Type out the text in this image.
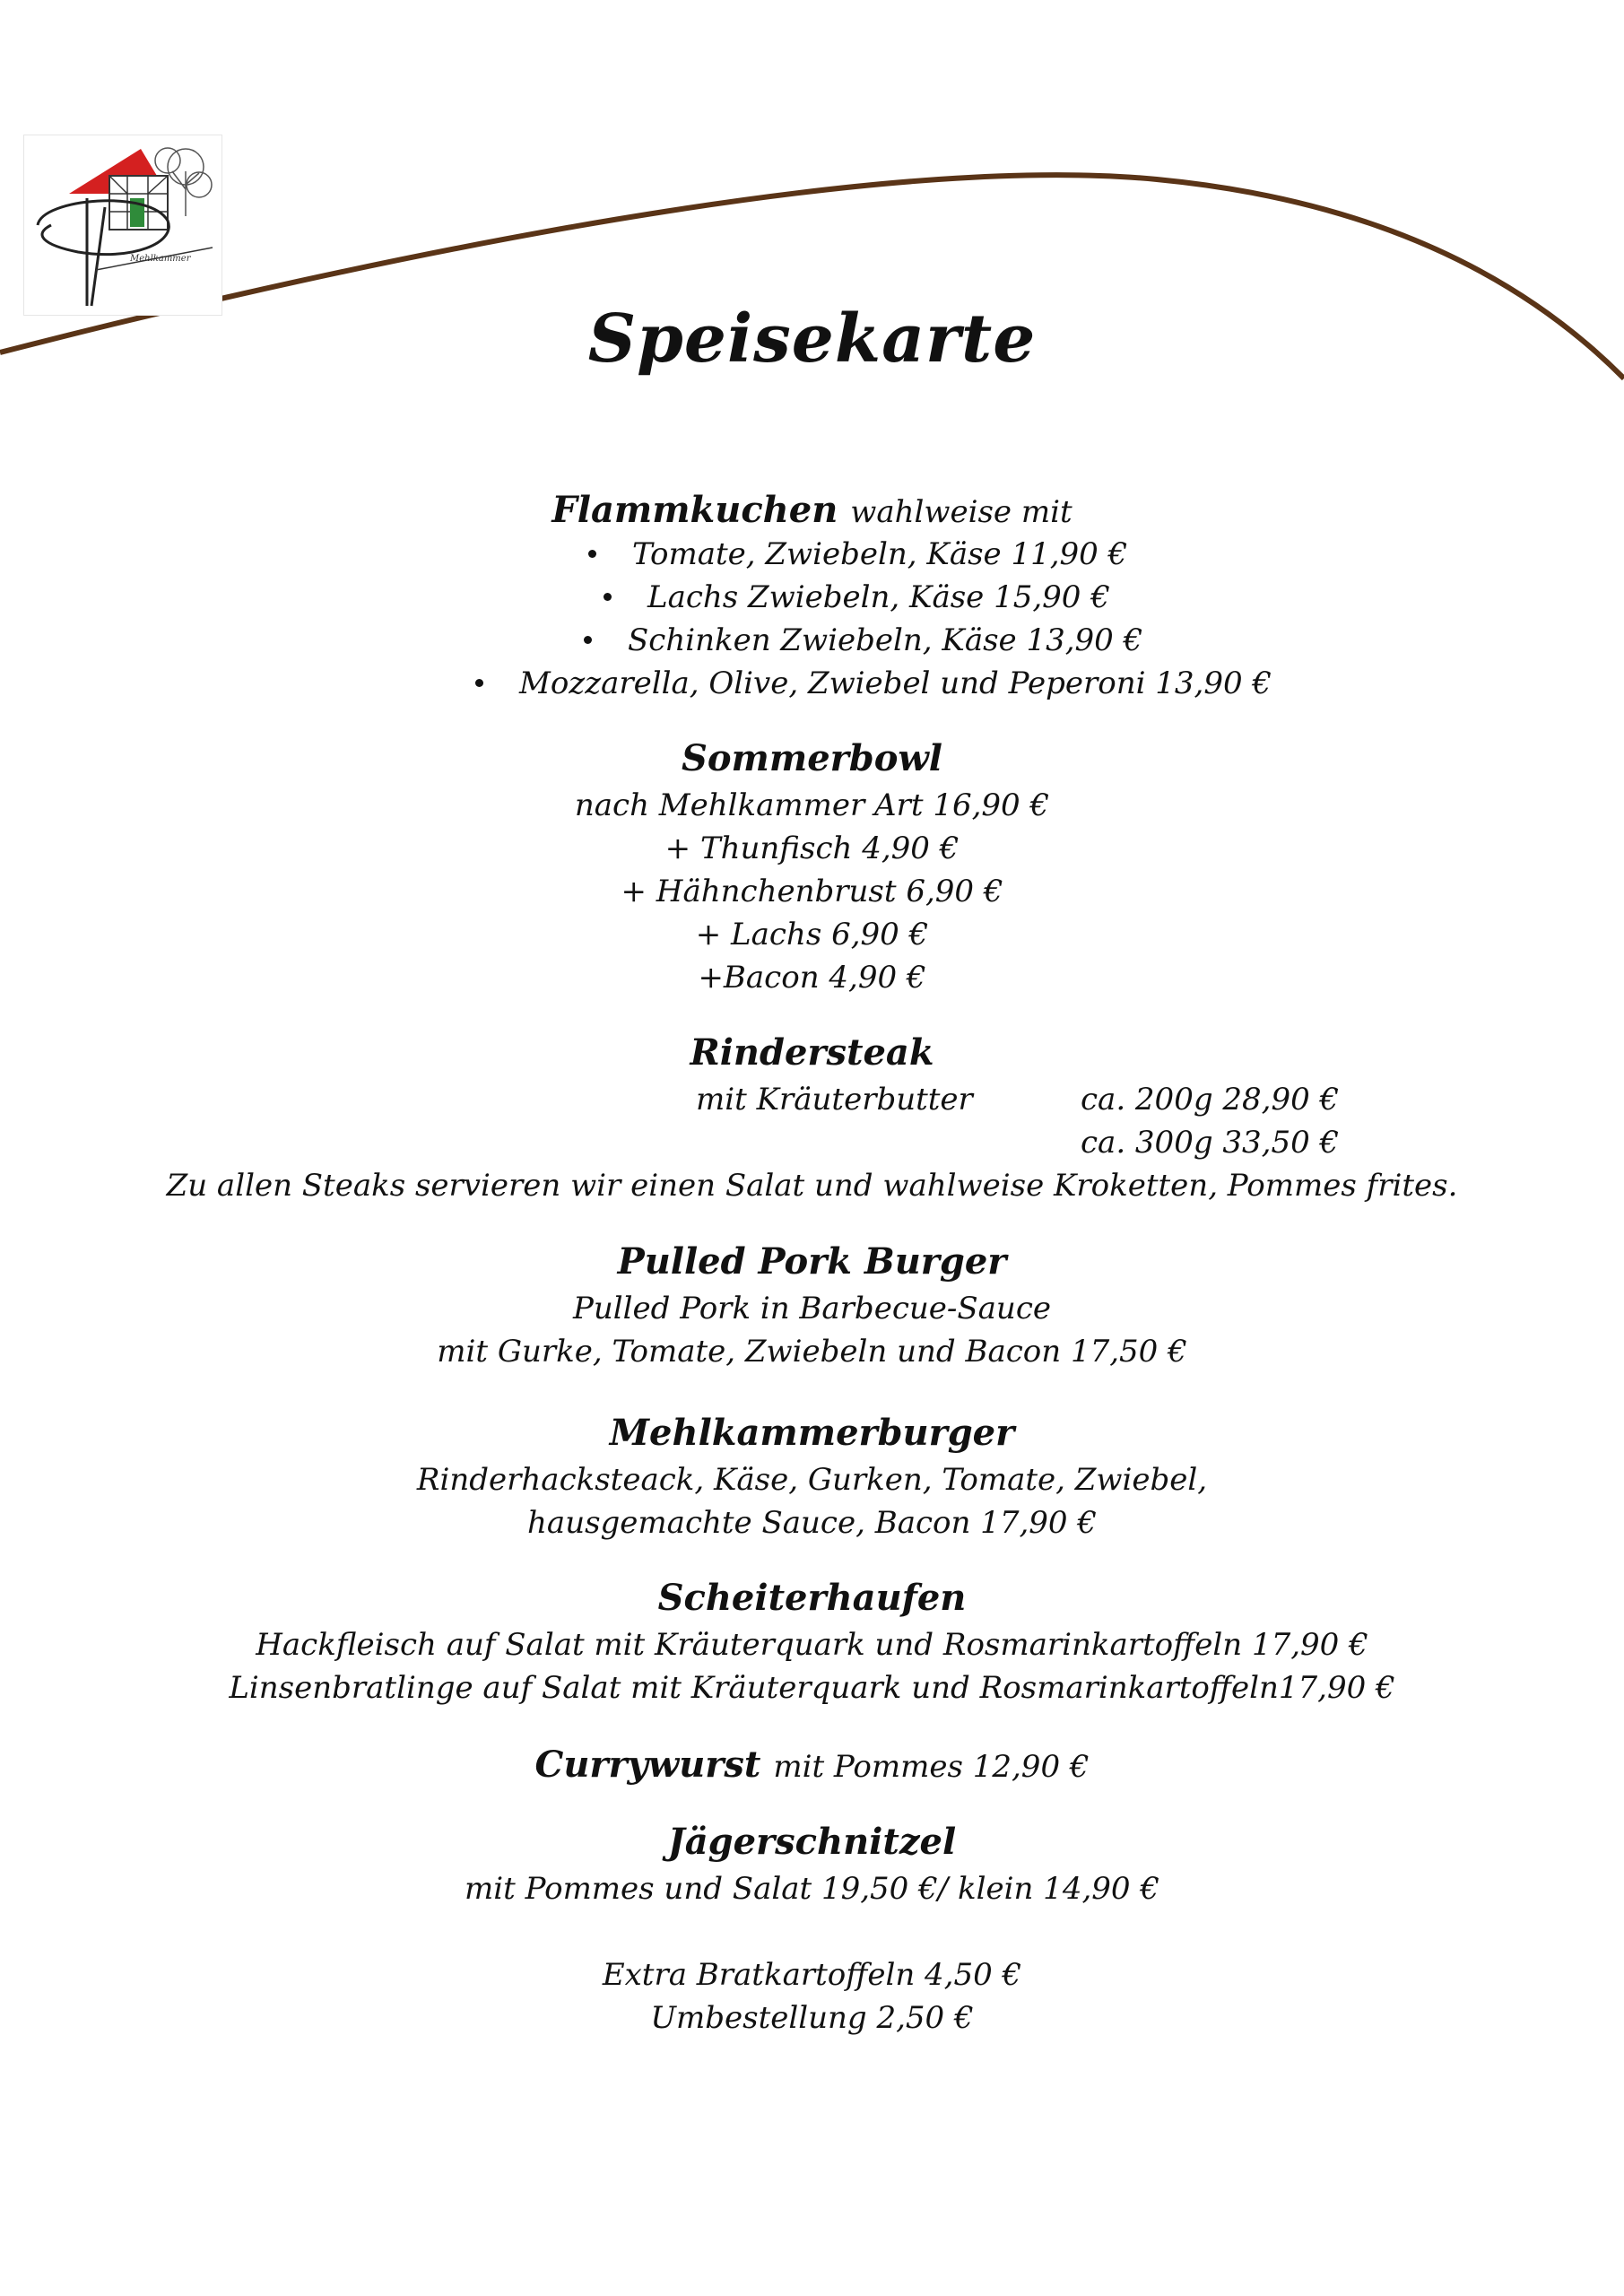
Mehlkammer
Speisekarte
Flammkuchen wahlweise mit
Tomate, Zwiebeln, Käse 11,90 €
Lachs Zwiebeln, Käse 15,90 €
Schinken Zwiebeln, Käse 13,90 €
Mozzarella, Olive, Zwiebel und Peperoni 13,90 €
Sommerbowl
nach Mehlkammer Art 16,90 €
+ Thunfisch 4,90 €
+ Hähnchenbrust 6,90 €
+ Lachs 6,90 €
+Bacon 4,90 €
Rindersteak
mit Kräuterbutter	ca. 200g 28,90 €
ca. 300g 33,50 €
Zu allen Steaks servieren wir einen Salat und wahlweise Kroketten, Pommes frites.
Pulled Pork Burger
Pulled Pork in Barbecue-Sauce
mit Gurke, Tomate, Zwiebeln und Bacon 17,50 €
Mehlkammerburger
Rinderhacksteack, Käse, Gurken, Tomate, Zwiebel,
hausgemachte Sauce, Bacon 17,90 €
Scheiterhaufen
Hackfleisch auf Salat mit Kräuterquark und Rosmarinkartoffeln 17,90 €
Linsenbratlinge auf Salat mit Kräuterquark und Rosmarinkartoffeln17,90 €
Currywurst mit Pommes 12,90 €
Jägerschnitzel
mit Pommes und Salat 19,50 €/ klein 14,90 €
Extra Bratkartoffeln 4,50 €
Umbestellung 2,50 €
